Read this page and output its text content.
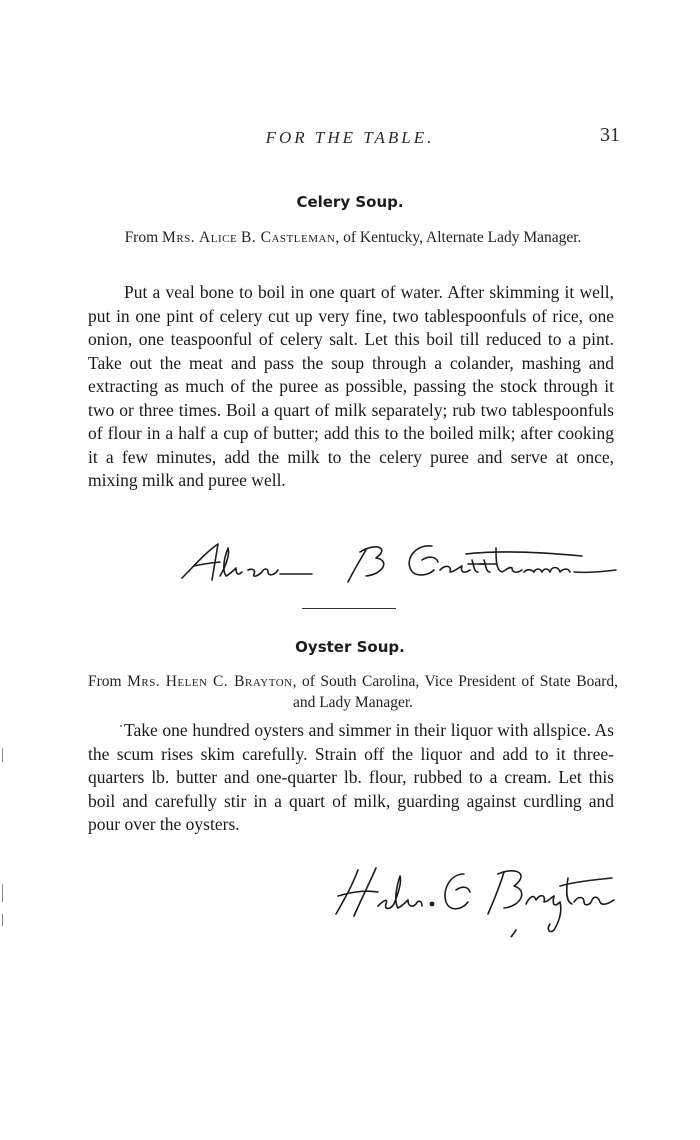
FOR THE TABLE.	31
Celery Soup.
From Mrs. Alice B. Castleman, of Kentucky, Alternate Lady Manager.

Put a veal bone to boil in one quart of water. After skimming it well, put in one pint of celery cut up very fine, two tablespoonfuls of rice, one onion, one teaspoonful of celery salt. Let this boil till reduced to a pint. Take out the meat and pass the soup through a colander, mashing and extracting as much of the puree as possible, passing the stock through it two or three times. Boil a quart of milk separately; rub two tablespoonfuls of flour in a half a cup of butter; add this to the boiled milk; after cooking it a few minutes, add the milk to the celery puree and serve at once, mixing milk and puree well.

Oyster Soup.
From Mrs. Helen C. Brayton, of South Carolina, Vice President of State Board, and Lady Manager.

Take one hundred oysters and simmer in their liquor with allspice. As the scum rises skim carefully. Strain off the liquor and add to it three-quarters lb. butter and one-quarter lb. flour, rubbed to a cream. Let this boil and carefully stir in a quart of milk, guarding against curdling and pour over the oysters.
